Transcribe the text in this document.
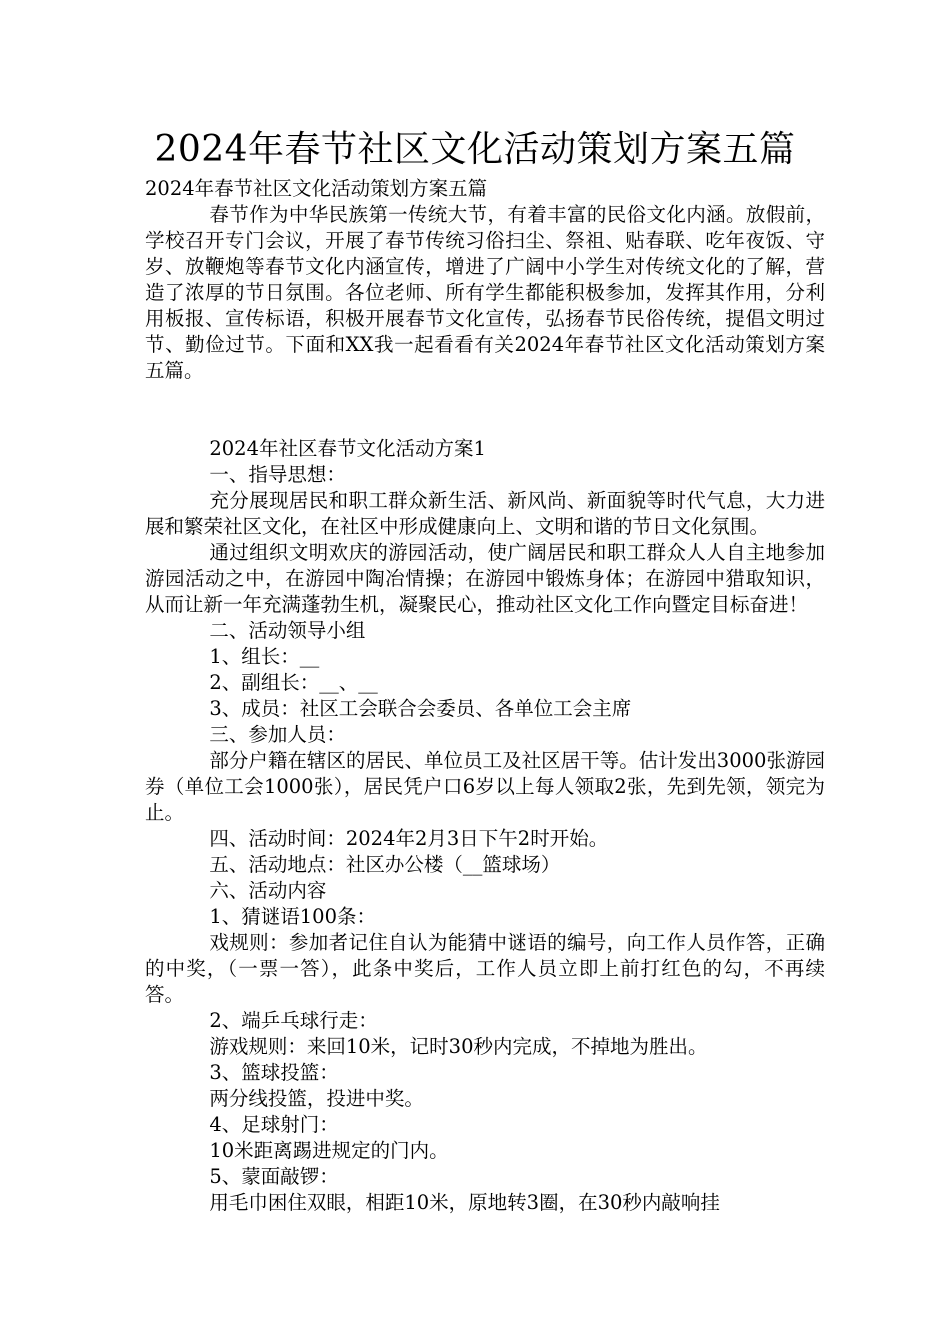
2024年春节社区文化活动策划方案五篇

2024年春节社区文化活动策划方案五篇

春节作为中华民族第一传统大节，有着丰富的民俗文化内涵。放假前，学校召开专门会议，开展了春节传统习俗扫尘、祭祖、贴春联、吃年夜饭、守岁、放鞭炮等春节文化内涵宣传，增进了广阔中小学生对传统文化的了解，营造了浓厚的节日氛围。各位老师、所有学生都能积极参加，发挥其作用，分利用板报、宣传标语，积极开展春节文化宣传，弘扬春节民俗传统，提倡文明过节、勤俭过节。下面和XX我一起看看有关2024年春节社区文化活动策划方案五篇。

2024年社区春节文化活动方案1

一、指导思想：

充分展现居民和职工群众新生活、新风尚、新面貌等时代气息，大力进展和繁荣社区文化，在社区中形成健康向上、文明和谐的节日文化氛围。

通过组织文明欢庆的游园活动，使广阔居民和职工群众人人自主地参加游园活动之中，在游园中陶冶情操；在游园中锻炼身体；在游园中猎取知识，从而让新一年充满蓬勃生机，凝聚民心，推动社区文化工作向暨定目标奋进！

二、活动领导小组

1、组长：__

2、副组长：__、__

3、成员：社区工会联合会委员、各单位工会主席

三、参加人员：

部分户籍在辖区的居民、单位员工及社区居干等。估计发出3000张游园券（单位工会1000张），居民凭户口6岁以上每人领取2张，先到先领，领完为止。

四、活动时间：2024年2月3日下午2时开始。

五、活动地点：社区办公楼（__篮球场）

六、活动内容

1、猜谜语100条：

戏规则：参加者记住自认为能猜中谜语的编号，向工作人员作答，正确的中奖，（一票一答），此条中奖后，工作人员立即上前打红色的勾，不再续答。

2、端乒乓球行走：

游戏规则：来回10米，记时30秒内完成，不掉地为胜出。

3、篮球投篮：

两分线投篮，投进中奖。

4、足球射门：

10米距离踢进规定的门内。

5、蒙面敲锣：

用毛巾困住双眼，相距10米，原地转3圈，在30秒内敲响挂
